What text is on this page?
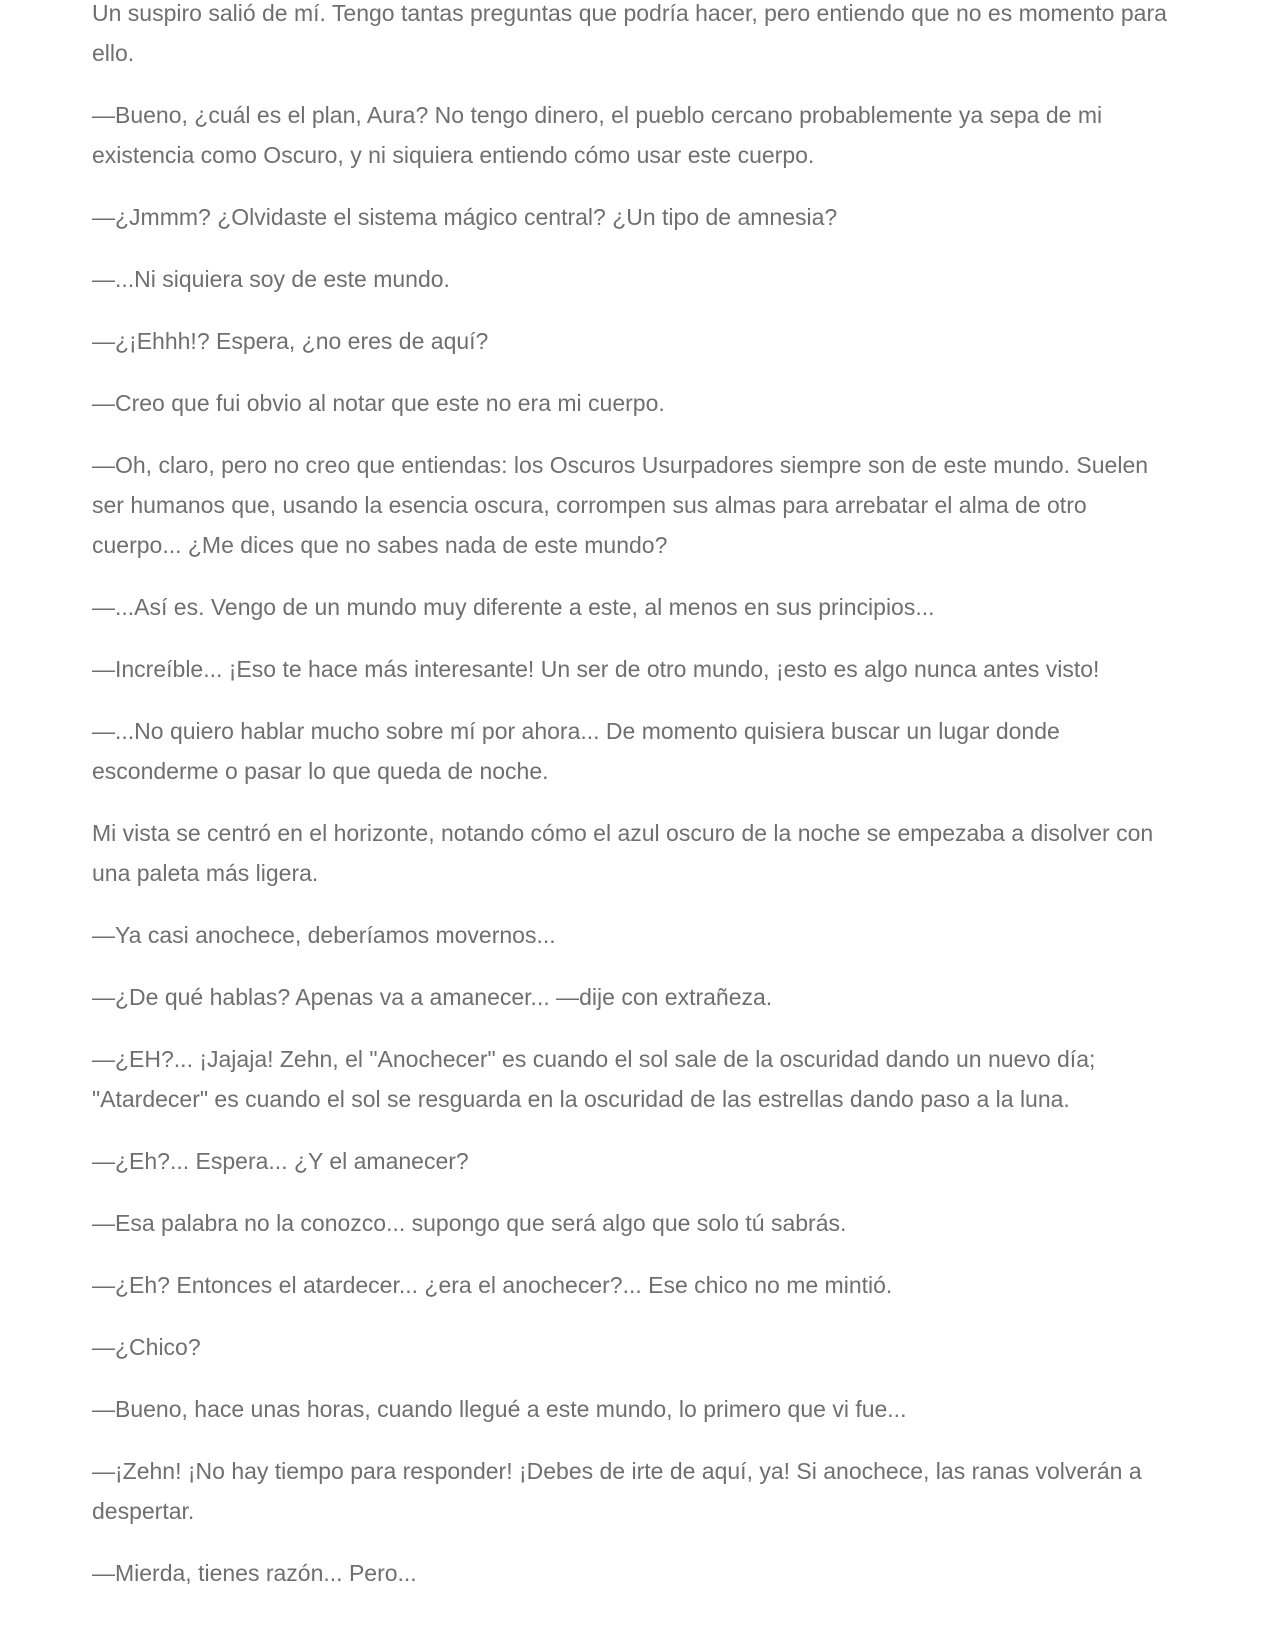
Un suspiro salió de mí. Tengo tantas preguntas que podría hacer, pero entiendo que no es momento para ello.

—Bueno, ¿cuál es el plan, Aura? No tengo dinero, el pueblo cercano probablemente ya sepa de mi existencia como Oscuro, y ni siquiera entiendo cómo usar este cuerpo.

—¿Jmmm? ¿Olvidaste el sistema mágico central? ¿Un tipo de amnesia?

—...Ni siquiera soy de este mundo.

—¿¡Ehhh!? Espera, ¿no eres de aquí?

—Creo que fui obvio al notar que este no era mi cuerpo.

—Oh, claro, pero no creo que entiendas: los Oscuros Usurpadores siempre son de este mundo. Suelen ser humanos que, usando la esencia oscura, corrompen sus almas para arrebatar el alma de otro cuerpo... ¿Me dices que no sabes nada de este mundo?

—...Así es. Vengo de un mundo muy diferente a este, al menos en sus principios...

—Increíble... ¡Eso te hace más interesante! Un ser de otro mundo, ¡esto es algo nunca antes visto!

—...No quiero hablar mucho sobre mí por ahora... De momento quisiera buscar un lugar donde esconderme o pasar lo que queda de noche.

Mi vista se centró en el horizonte, notando cómo el azul oscuro de la noche se empezaba a disolver con una paleta más ligera.

—Ya casi anochece, deberíamos movernos...

—¿De qué hablas? Apenas va a amanecer... —dije con extrañeza.

—¿EH?... ¡Jajaja! Zehn, el "Anochecer" es cuando el sol sale de la oscuridad dando un nuevo día; "Atardecer" es cuando el sol se resguarda en la oscuridad de las estrellas dando paso a la luna.

—¿Eh?... Espera... ¿Y el amanecer?

—Esa palabra no la conozco... supongo que será algo que solo tú sabrás.

—¿Eh? Entonces el atardecer... ¿era el anochecer?... Ese chico no me mintió.

—¿Chico?

—Bueno, hace unas horas, cuando llegué a este mundo, lo primero que vi fue...

—¡Zehn! ¡No hay tiempo para responder! ¡Debes de irte de aquí, ya! Si anochece, las ranas volverán a despertar.

—Mierda, tienes razón... Pero...
